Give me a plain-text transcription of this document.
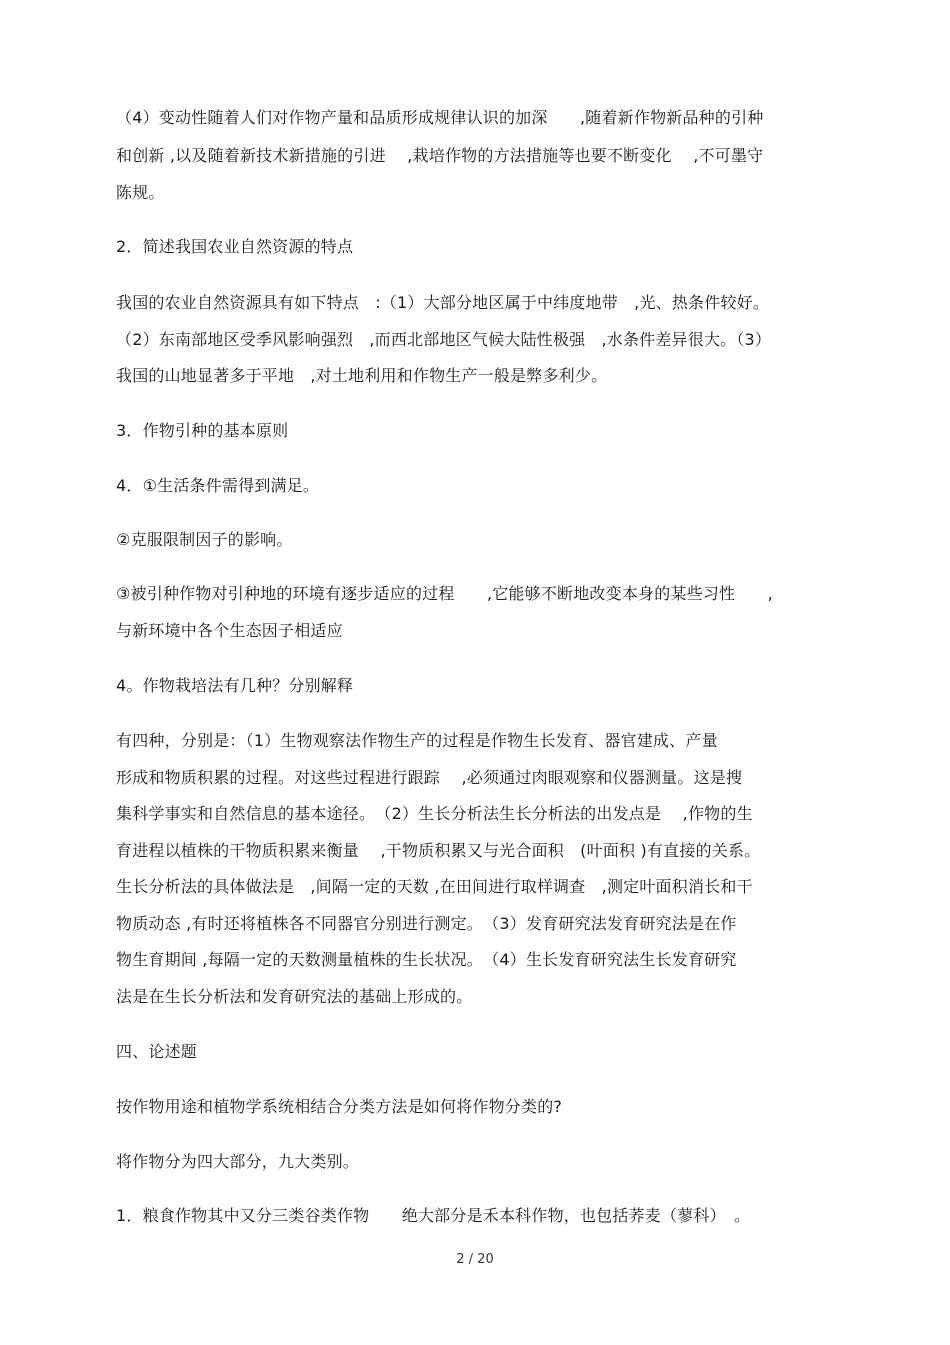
（4）变动性随着人们对作物产量和品质形成规律认识的加深　　,随着新作物新品种的引种
和创新 ,以及随着新技术新措施的引进　 ,栽培作物的方法措施等也要不断变化　 ,不可墨守
陈规。
2．简述我国农业自然资源的特点
我国的农业自然资源具有如下特点　:（1）大部分地区属于中纬度地带　,光、热条件较好。
（2）东南部地区受季风影响强烈　,而西北部地区气候大陆性极强　,水条件差异很大。（3）
我国的山地显著多于平地　,对土地利用和作物生产一般是弊多利少。
3．作物引种的基本原则
4．①生活条件需得到满足。
②克服限制因子的影响。
③被引种作物对引种地的环境有逐步适应的过程　　,它能够不断地改变本身的某些习性　　,
与新环境中各个生态因子相适应
4。作物栽培法有几种？分别解释
有四种，分别是：（1）生物观察法作物生产的过程是作物生长发育、器官建成、产量
形成和物质积累的过程。对这些过程进行跟踪　 ,必须通过肉眼观察和仪器测量。这是搜
集科学事实和自然信息的基本途径。　（2）生长分析法生长分析法的出发点是　 ,作物的生
育进程以植株的干物质积累来衡量　 ,干物质积累又与光合面积　(叶面积 )有直接的关系。
生长分析法的具体做法是　,间隔一定的天数 ,在田间进行取样调查　,测定叶面积消长和干
物质动态 ,有时还将植株各不同器官分别进行测定。　（3）发育研究法发育研究法是在作
物生育期间 ,每隔一定的天数测量植株的生长状况。　（4）生长发育研究法生长发育研究
法是在生长分析法和发育研究法的基础上形成的。
四、论述题
按作物用途和植物学系统相结合分类方法是如何将作物分类的?
将作物分为四大部分，九大类别。
1．粮食作物其中又分三类谷类作物　　绝大部分是禾本科作物，也包括荞麦（蓼科）　。
2 / 20
